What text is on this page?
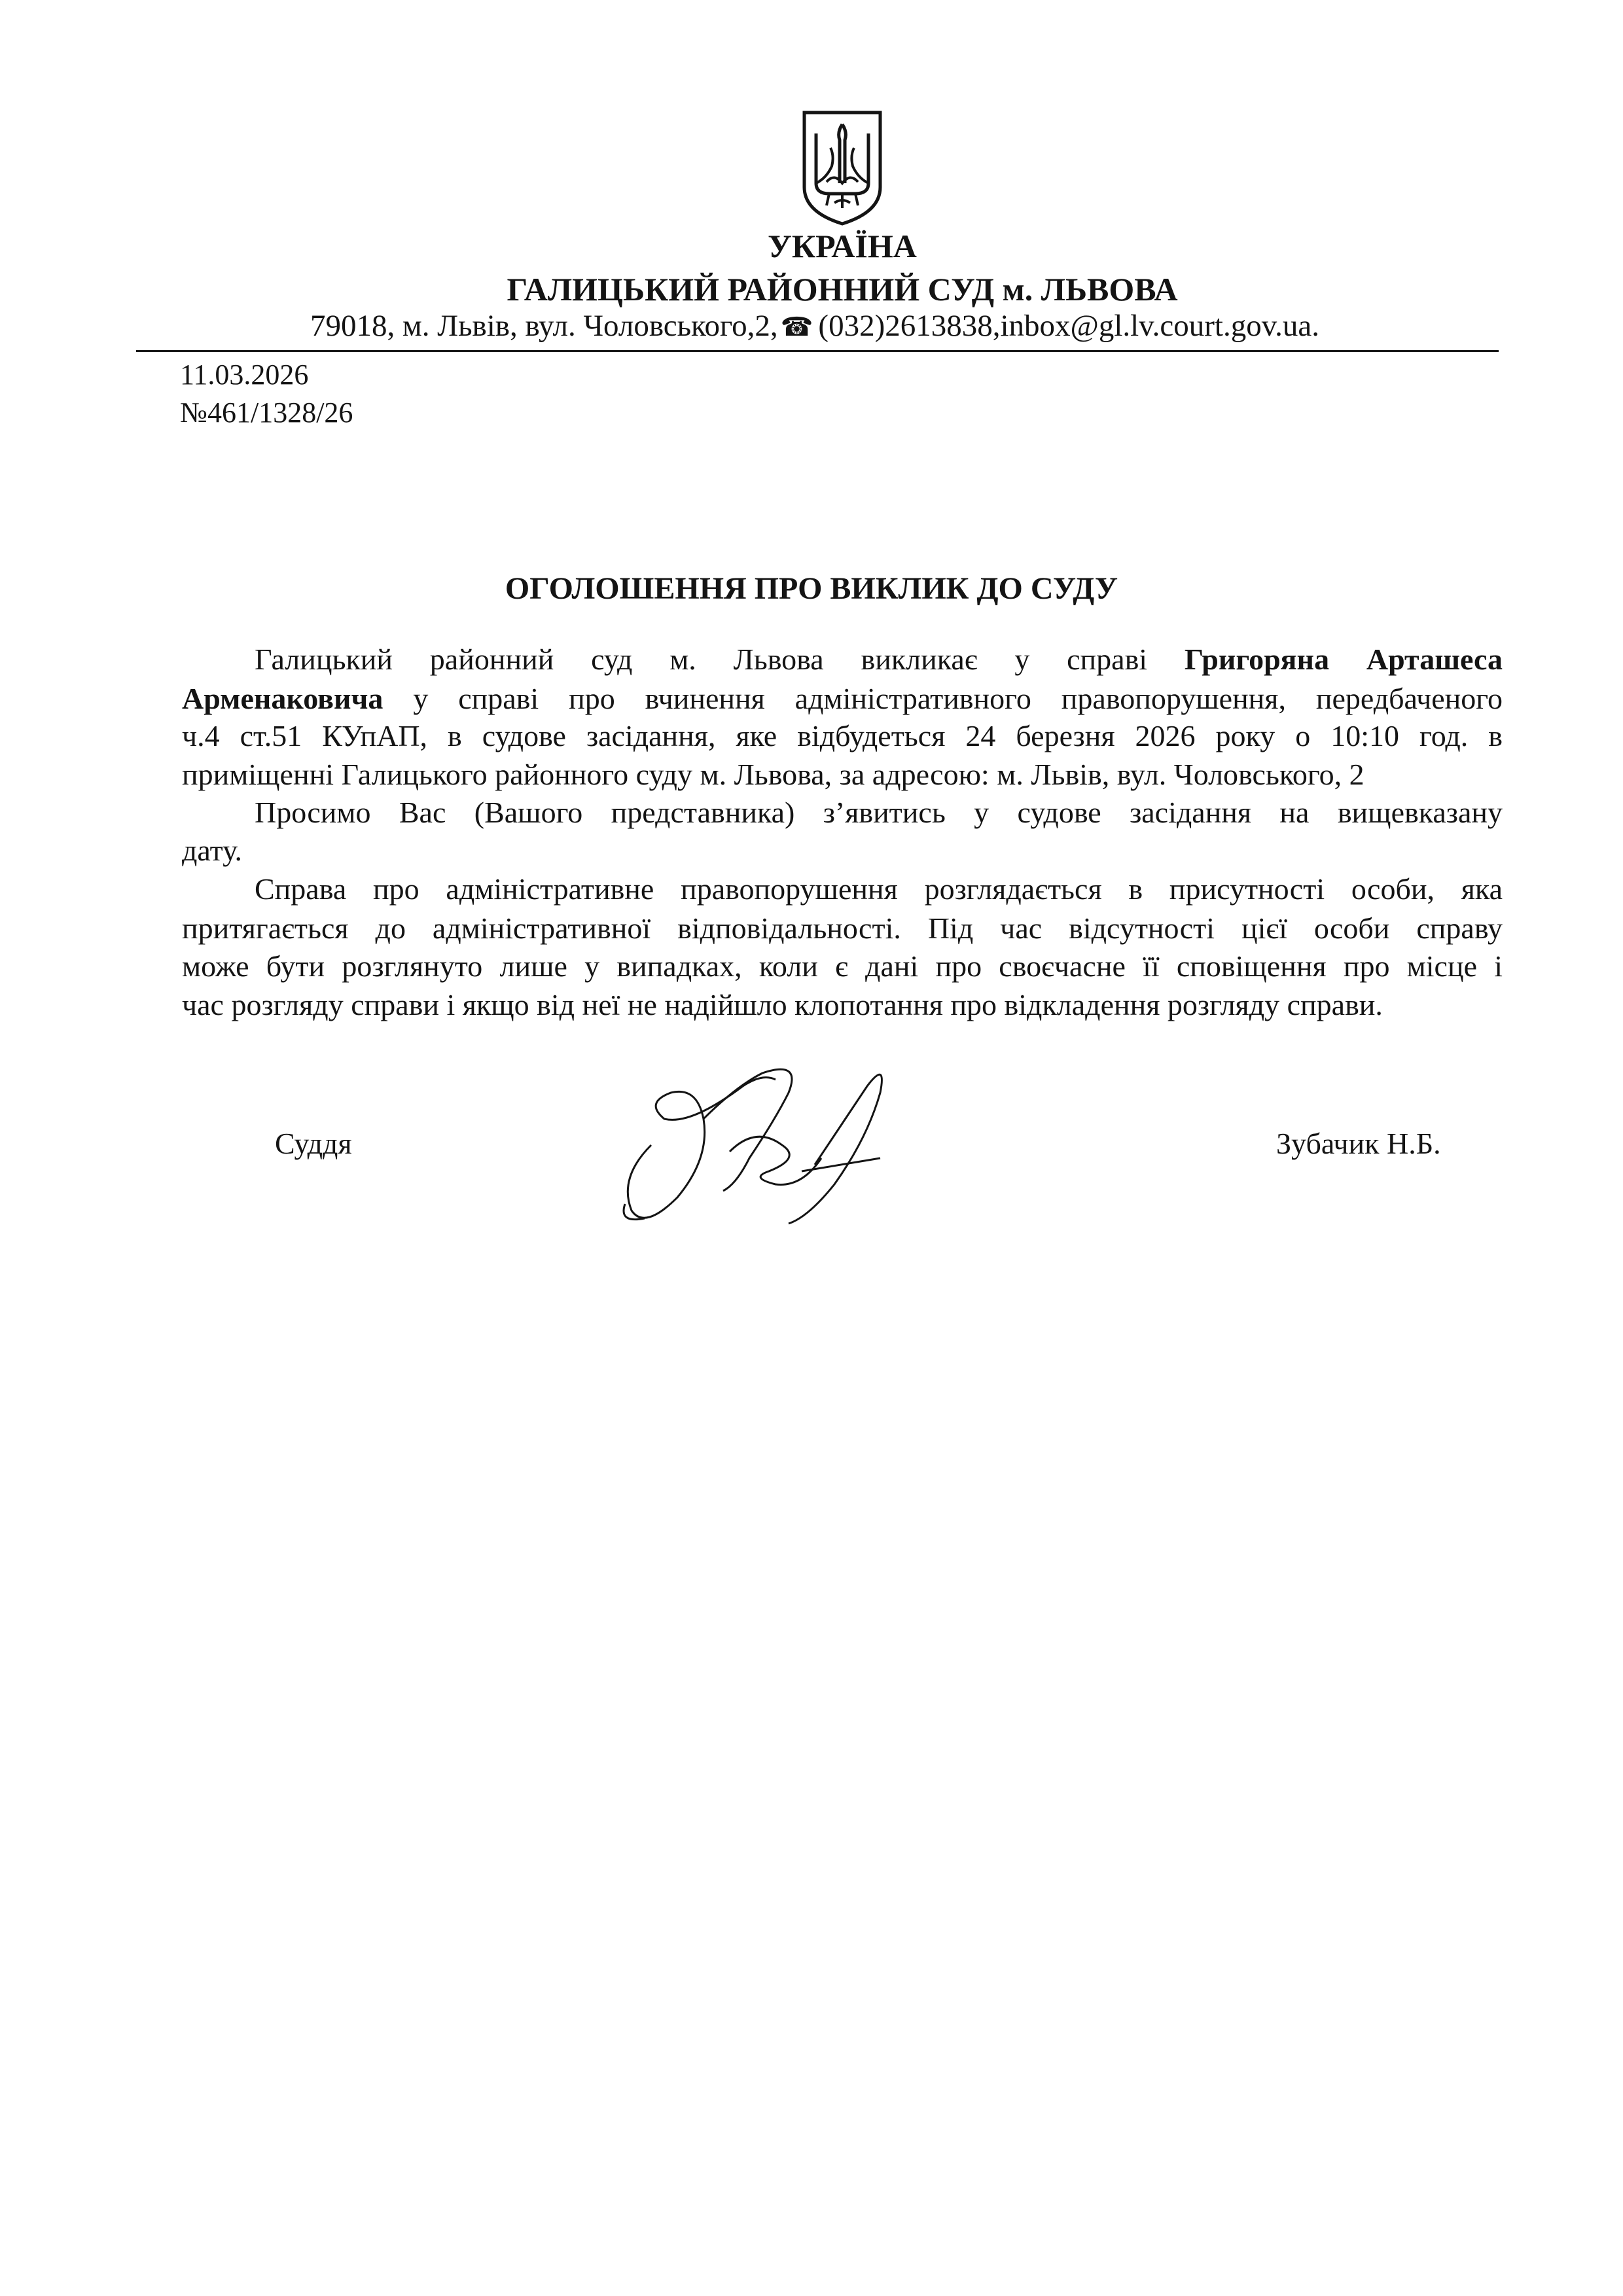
УКРАЇНА
ГАЛИЦЬКИЙ РАЙОННИЙ СУД м. ЛЬВОВА
79018, м. Львів, вул. Чоловського,2, ☎ (032)2613838,inbox@gl.lv.court.gov.ua.
11.03.2026
№461/1328/26
ОГОЛОШЕННЯ ПРО ВИКЛИК ДО СУДУ
Галицький районний суд м. Львова викликає у справі Григоряна Арташеса
Арменаковича у справі про вчинення адміністративного правопорушення, передбаченого
ч.4 ст.51 КУпАП, в судове засідання, яке відбудеться 24 березня 2026 року о 10:10 год. в
приміщенні Галицького районного суду м. Львова, за адресою: м. Львів, вул. Чоловського, 2
Просимо Вас (Вашого представника) з’явитись у судове засідання на вищевказану
дату.
Справа про адміністративне правопорушення розглядається в присутності особи, яка
притягається до адміністративної відповідальності. Під час відсутності цієї особи справу
може бути розглянуто лише у випадках, коли є дані про своєчасне її сповіщення про місце і
час розгляду справи і якщо від неї не надійшло клопотання про відкладення розгляду справи.
Суддя	Зубачик Н.Б.
